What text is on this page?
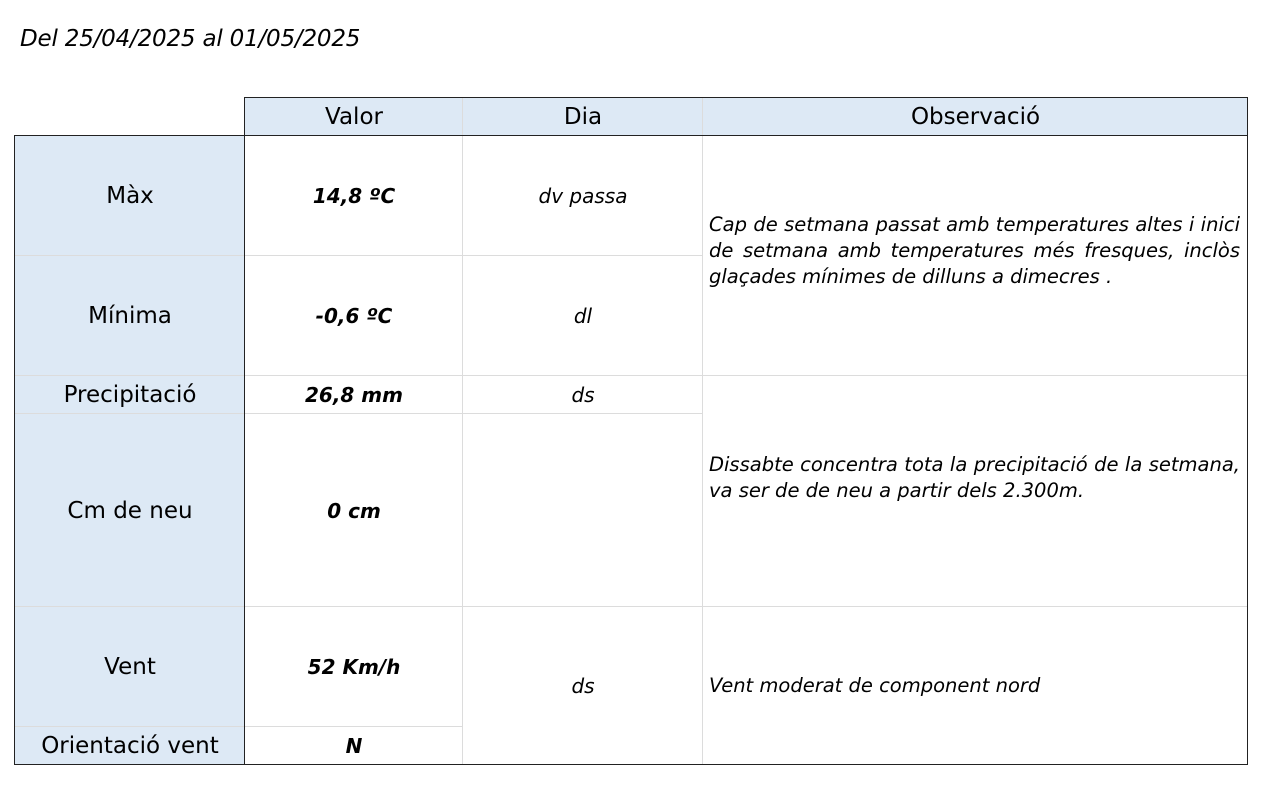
Del 25/04/2025 al 01/05/2025
Valor	Dia	Observació
Màx
Mínima
Precipitació
Cm de neu
Vent
Orientació vent
14,8 ºC
-0,6 ºC
26,8 mm
0 cm
52 Km/h
N
dv passa
dl
ds
ds
Cap de setmana passat amb temperatures altes i inici de setmana amb temperatures més fresques, inclòs glaçades mínimes de dilluns a dimecres .
Dissabte concentra tota la precipitació de la setmana, va ser de de neu a partir dels 2.300m.
Vent moderat de component nord
